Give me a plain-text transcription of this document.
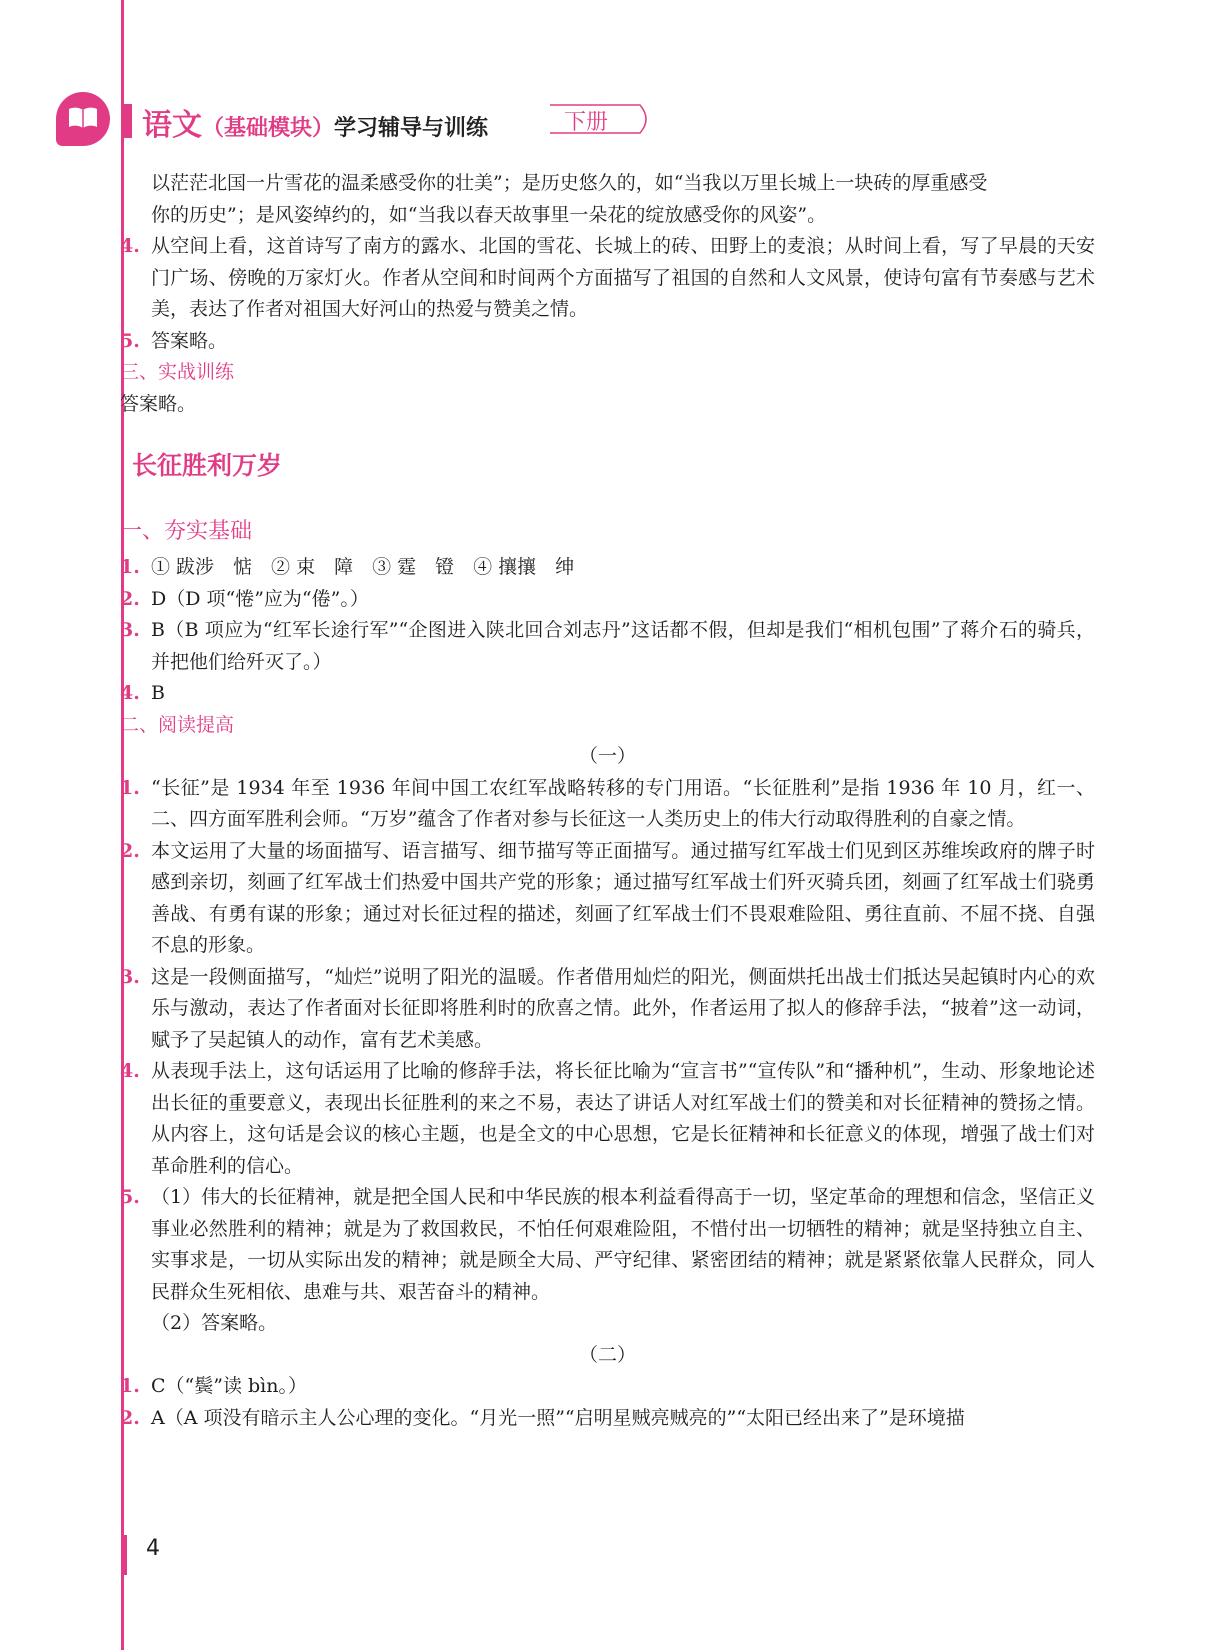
语文（基础模块）学习辅导与训练	下册

以茫茫北国一片雪花的温柔感受你的壮美”；是历史悠久的，如“当我以万里长城上一块砖的厚重感受

你的历史”；是风姿绰约的，如“当我以春天故事里一朵花的绽放感受你的风姿”。

4. 从空间上看，这首诗写了南方的露水、北国的雪花、长城上的砖、田野上的麦浪；从时间上看，写了早晨的天安门广场、傍晚的万家灯火。作者从空间和时间两个方面描写了祖国的自然和人文风景，使诗句富有节奏感与艺术美，表达了作者对祖国大好河山的热爱与赞美之情。

5. 答案略。

三、实战训练

答案略。

长征胜利万岁

一、夯实基础

1. ① 跋涉　惦　② 束　障　③ 霆　镫　④ 攘攘　绅

2. D（D 项“惓”应为“倦”。）

3. B（B 项应为“红军长途行军”“企图进入陕北回合刘志丹”这话都不假，但却是我们“相机包围”了蒋介石的骑兵，并把他们给歼灭了。）

4. B

二、阅读提高

（一）

1. “长征”是 1934 年至 1936 年间中国工农红军战略转移的专门用语。“长征胜利”是指 1936 年 10 月，红一、二、四方面军胜利会师。“万岁”蕴含了作者对参与长征这一人类历史上的伟大行动取得胜利的自豪之情。

2. 本文运用了大量的场面描写、语言描写、细节描写等正面描写。通过描写红军战士们见到区苏维埃政府的牌子时感到亲切，刻画了红军战士们热爱中国共产党的形象；通过描写红军战士们歼灭骑兵团，刻画了红军战士们骁勇善战、有勇有谋的形象；通过对长征过程的描述，刻画了红军战士们不畏艰难险阻、勇往直前、不屈不挠、自强不息的形象。

3. 这是一段侧面描写，“灿烂”说明了阳光的温暖。作者借用灿烂的阳光，侧面烘托出战士们抵达吴起镇时内心的欢乐与激动，表达了作者面对长征即将胜利时的欣喜之情。此外，作者运用了拟人的修辞手法，“披着”这一动词，赋予了吴起镇人的动作，富有艺术美感。

4. 从表现手法上，这句话运用了比喻的修辞手法，将长征比喻为“宣言书”“宣传队”和“播种机”，生动、形象地论述出长征的重要意义，表现出长征胜利的来之不易，表达了讲话人对红军战士们的赞美和对长征精神的赞扬之情。从内容上，这句话是会议的核心主题，也是全文的中心思想，它是长征精神和长征意义的体现，增强了战士们对革命胜利的信心。

5. （1）伟大的长征精神，就是把全国人民和中华民族的根本利益看得高于一切，坚定革命的理想和信念，坚信正义事业必然胜利的精神；就是为了救国救民，不怕任何艰难险阻，不惜付出一切牺牲的精神；就是坚持独立自主、实事求是，一切从实际出发的精神；就是顾全大局、严守纪律、紧密团结的精神；就是紧紧依靠人民群众，同人民群众生死相依、患难与共、艰苦奋斗的精神。

（2）答案略。

（二）

1. C（“鬓”读 bìn。）

2. A（A 项没有暗示主人公心理的变化。“月光一照”“启明星贼亮贼亮的”“太阳已经出来了”是环境描

4
